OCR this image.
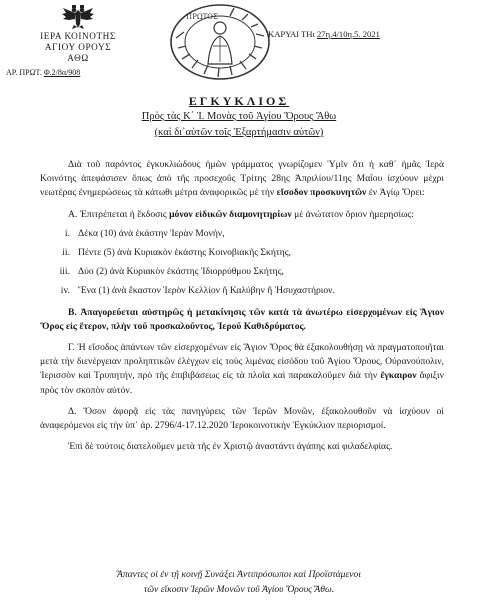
ΙΕΡΑ ΚΟΙΝΟΤΗΣ
ΑΓΙΟΥ ΟΡΟΥΣ
ΑΘΩ
ΑΡ. ΠΡΩΤ. Φ.2/8α/908
ΠΡΩΤΟΣ
ΚΑΡΥΑΙ ΤΗι 27η.4/10η.5. 2021
ΕΓΚΥΚΛΙΟΣ
Πρὸς τὰς Κ΄ Ἱ. Μονὰς τοῦ Ἁγίου Ὄρους Ἄθω
(καὶ δι᾽αὐτῶν τοῖς Ἐξαρτήμασιν αὐτῶν)

Διὰ τοῦ παρόντος ἐγκυκλιώδους ἡμῶν γράμματος γνωρίζομεν Ὑμῖν ὅτι ἡ καθ᾽ ἡμᾶς Ἱερὰ Κοινότης ἀπεφάσισεν ὅπως ἀπὸ τῆς προσεχοῦς Τρίτης 28ης Ἀπριλίου/11ης Μαΐου ἰσχύουν μέχρι νεωτέρας ἐνημερώσεως τὰ κάτωθι μέτρα ἀναφορικῶς μὲ τὴν εἴσοδον προσκυνητῶν ἐν Ἁγίῳ Ὄρει:

Α. Ἐπιτρέπεται ἡ ἔκδοσις μόνον εἰδικῶν διαμονητηρίων μὲ ἀνώτατον ὅριον ἡμερησίως:

i. Δέκα (10) ἀνὰ ἑκάστην Ἱερὰν Μονήν,

ii. Πέντε (5) ἀνὰ Κυριακὸν ἑκάστης Κοινοβιακῆς Σκήτης,

iii. Δύο (2) ἀνὰ Κυριακὸν ἑκάστης Ἰδιορρύθμου Σκήτης,

iv. Ἕνα (1) ἀνὰ ἕκαστον Ἱερὸν Κελλίον ἢ Καλύβην ἢ Ἡσυχαστήριον.

Β. Ἀπαγορεύεται αὐστηρῶς ἡ μετακίνησις τῶν κατὰ τὰ ἀνωτέρω εἰσερχομένων εἰς Ἅγιον Ὄρος εἰς ἕτερον, πλὴν τοῦ προσκαλοῦντος, Ἱεροῦ Καθιδρύματος.

Γ. Ἡ εἴσοδος ἁπάντων τῶν εἰσερχομένων εἰς Ἅγιον Ὄρος θὰ ἐξακολουθήσῃ νὰ πραγματοποιῆται μετὰ τὴν διενέργειαν προληπτικῶν ἐλέγχων εἰς τοὺς λιμένας εἰσόδου τοῦ Ἁγίου Ὄρους, Οὐρανούπολιν, Ἱερισσὸν καὶ Τρυπητήν, πρὸ τῆς ἐπιβιβάσεως εἰς τὰ πλοῖα καὶ παρακαλοῦμεν διὰ τὴν ἔγκαιρον ἄφιξιν πρὸς τὸν σκοπὸν αὐτόν.

Δ. Ὅσον ἀφορᾷ εἰς τὰς πανηγύρεις τῶν Ἱερῶν Μονῶν, ἐξακολουθοῦν νὰ ἰσχύουν οἱ ἀναφερόμενοι εἰς τὴν ὑπ᾽ ἀρ. 2796/4-17.12.2020 Ἱεροκοινοτικὴν Ἐγκύκλιον περιορισμοί.

Ἐπὶ δὲ τούτοις διατελοῦμεν μετὰ τῆς ἐν Χριστῷ ἀναστάντι ἀγάπης καὶ φιλαδελφίας.

Ἅπαντες οἱ ἐν τῇ κοινῇ Συνάξει Ἀντιπρόσωποι καὶ Προϊστάμενοι
τῶν εἴκοσιν Ἱερῶν Μονῶν τοῦ Ἁγίου Ὄρους Ἄθω.
